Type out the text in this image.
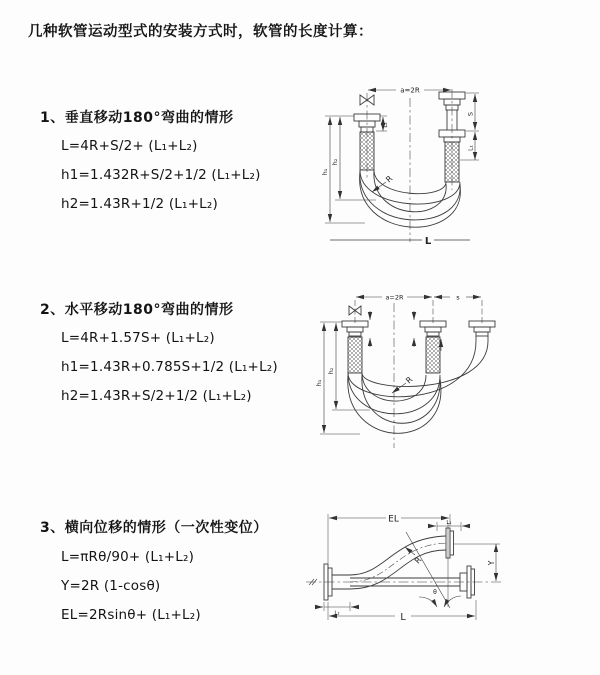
几种软管运动型式的安装方式时，软管的长度计算：
1、垂直移动180°弯曲的情形
L=4R+S/2+ (L₁+L₂)
h1=1.432R+S/2+1/2 (L₁+L₂)
h2=1.43R+1/2 (L₁+L₂)
a=2R
h₁
h₂
S
L₁
L₂
R
L
2、水平移动180°弯曲的情形
L=4R+1.57S+ (L₁+L₂)
h1=1.43R+0.785S+1/2 (L₁+L₂)
h2=1.43R+S/2+1/2 (L₁+L₂)
a=2R	s
h₁
h₂
R
3、横向位移的情形（一次性变位）
L=πRθ/90+ (L₁+L₂)
Y=2R (1-cosθ)
EL=2Rsinθ+ (L₁+L₂)
EL	L₁
Y
R
θ
L₂	L
